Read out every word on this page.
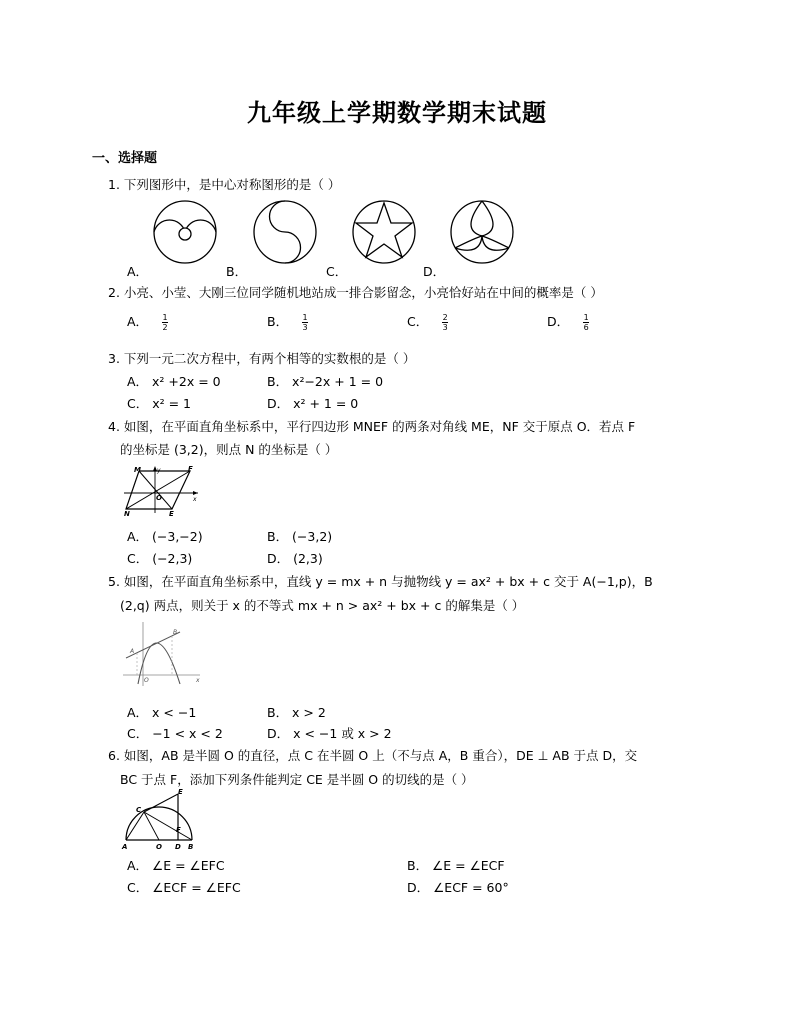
九年级上学期数学期末试题
一、选择题
1. 下列图形中，是中心对称图形的是（ ）
A．	B．	C．	D．
2. 小亮、小莹、大刚三位同学随机地站成一排合影留念，小亮恰好站在中间的概率是（ ）
A． $\frac{1}{2}$	B． $\frac{1}{3}$	C． $\frac{2}{3}$	D． $\frac{1}{6}$
3. 下列一元二次方程中，有两个相等的实数根的是（ ）
A． x² +2x = 0	B． x²−2x + 1 = 0
C． x² = 1	D． x² + 1 = 0
4. 如图，在平面直角坐标系中，平行四边形 MNEF 的两条对角线 ME，NF 交于原点 O．若点 F
的坐标是 (3,2)，则点 N 的坐标是（ ）
M	y	F
O	x
N	E
A． (−3,−2)	B． (−3,2)
C． (−2,3)	D． (2,3)
5. 如图，在平面直角坐标系中，直线 y = mx + n 与抛物线 y = ax² + bx + c 交于 A(−1,p)，B
(2,q) 两点，则关于 x 的不等式 mx + n > ax² + bx + c 的解集是（ ）
A
B
O	x
A． x < −1	B． x > 2
C． −1 < x < 2	D． x < −1 或 x > 2
6. 如图，AB 是半圆 O 的直径，点 C 在半圆 O 上（不与点 A，B 重合），DE ⊥ AB 于点 D，交
BC 于点 F，添加下列条件能判定 CE 是半圆 O 的切线的是（ ）
E
C
F
A	O D B
A． ∠E = ∠EFC	B． ∠E = ∠ECF
C． ∠ECF = ∠EFC	D． ∠ECF = 60°
